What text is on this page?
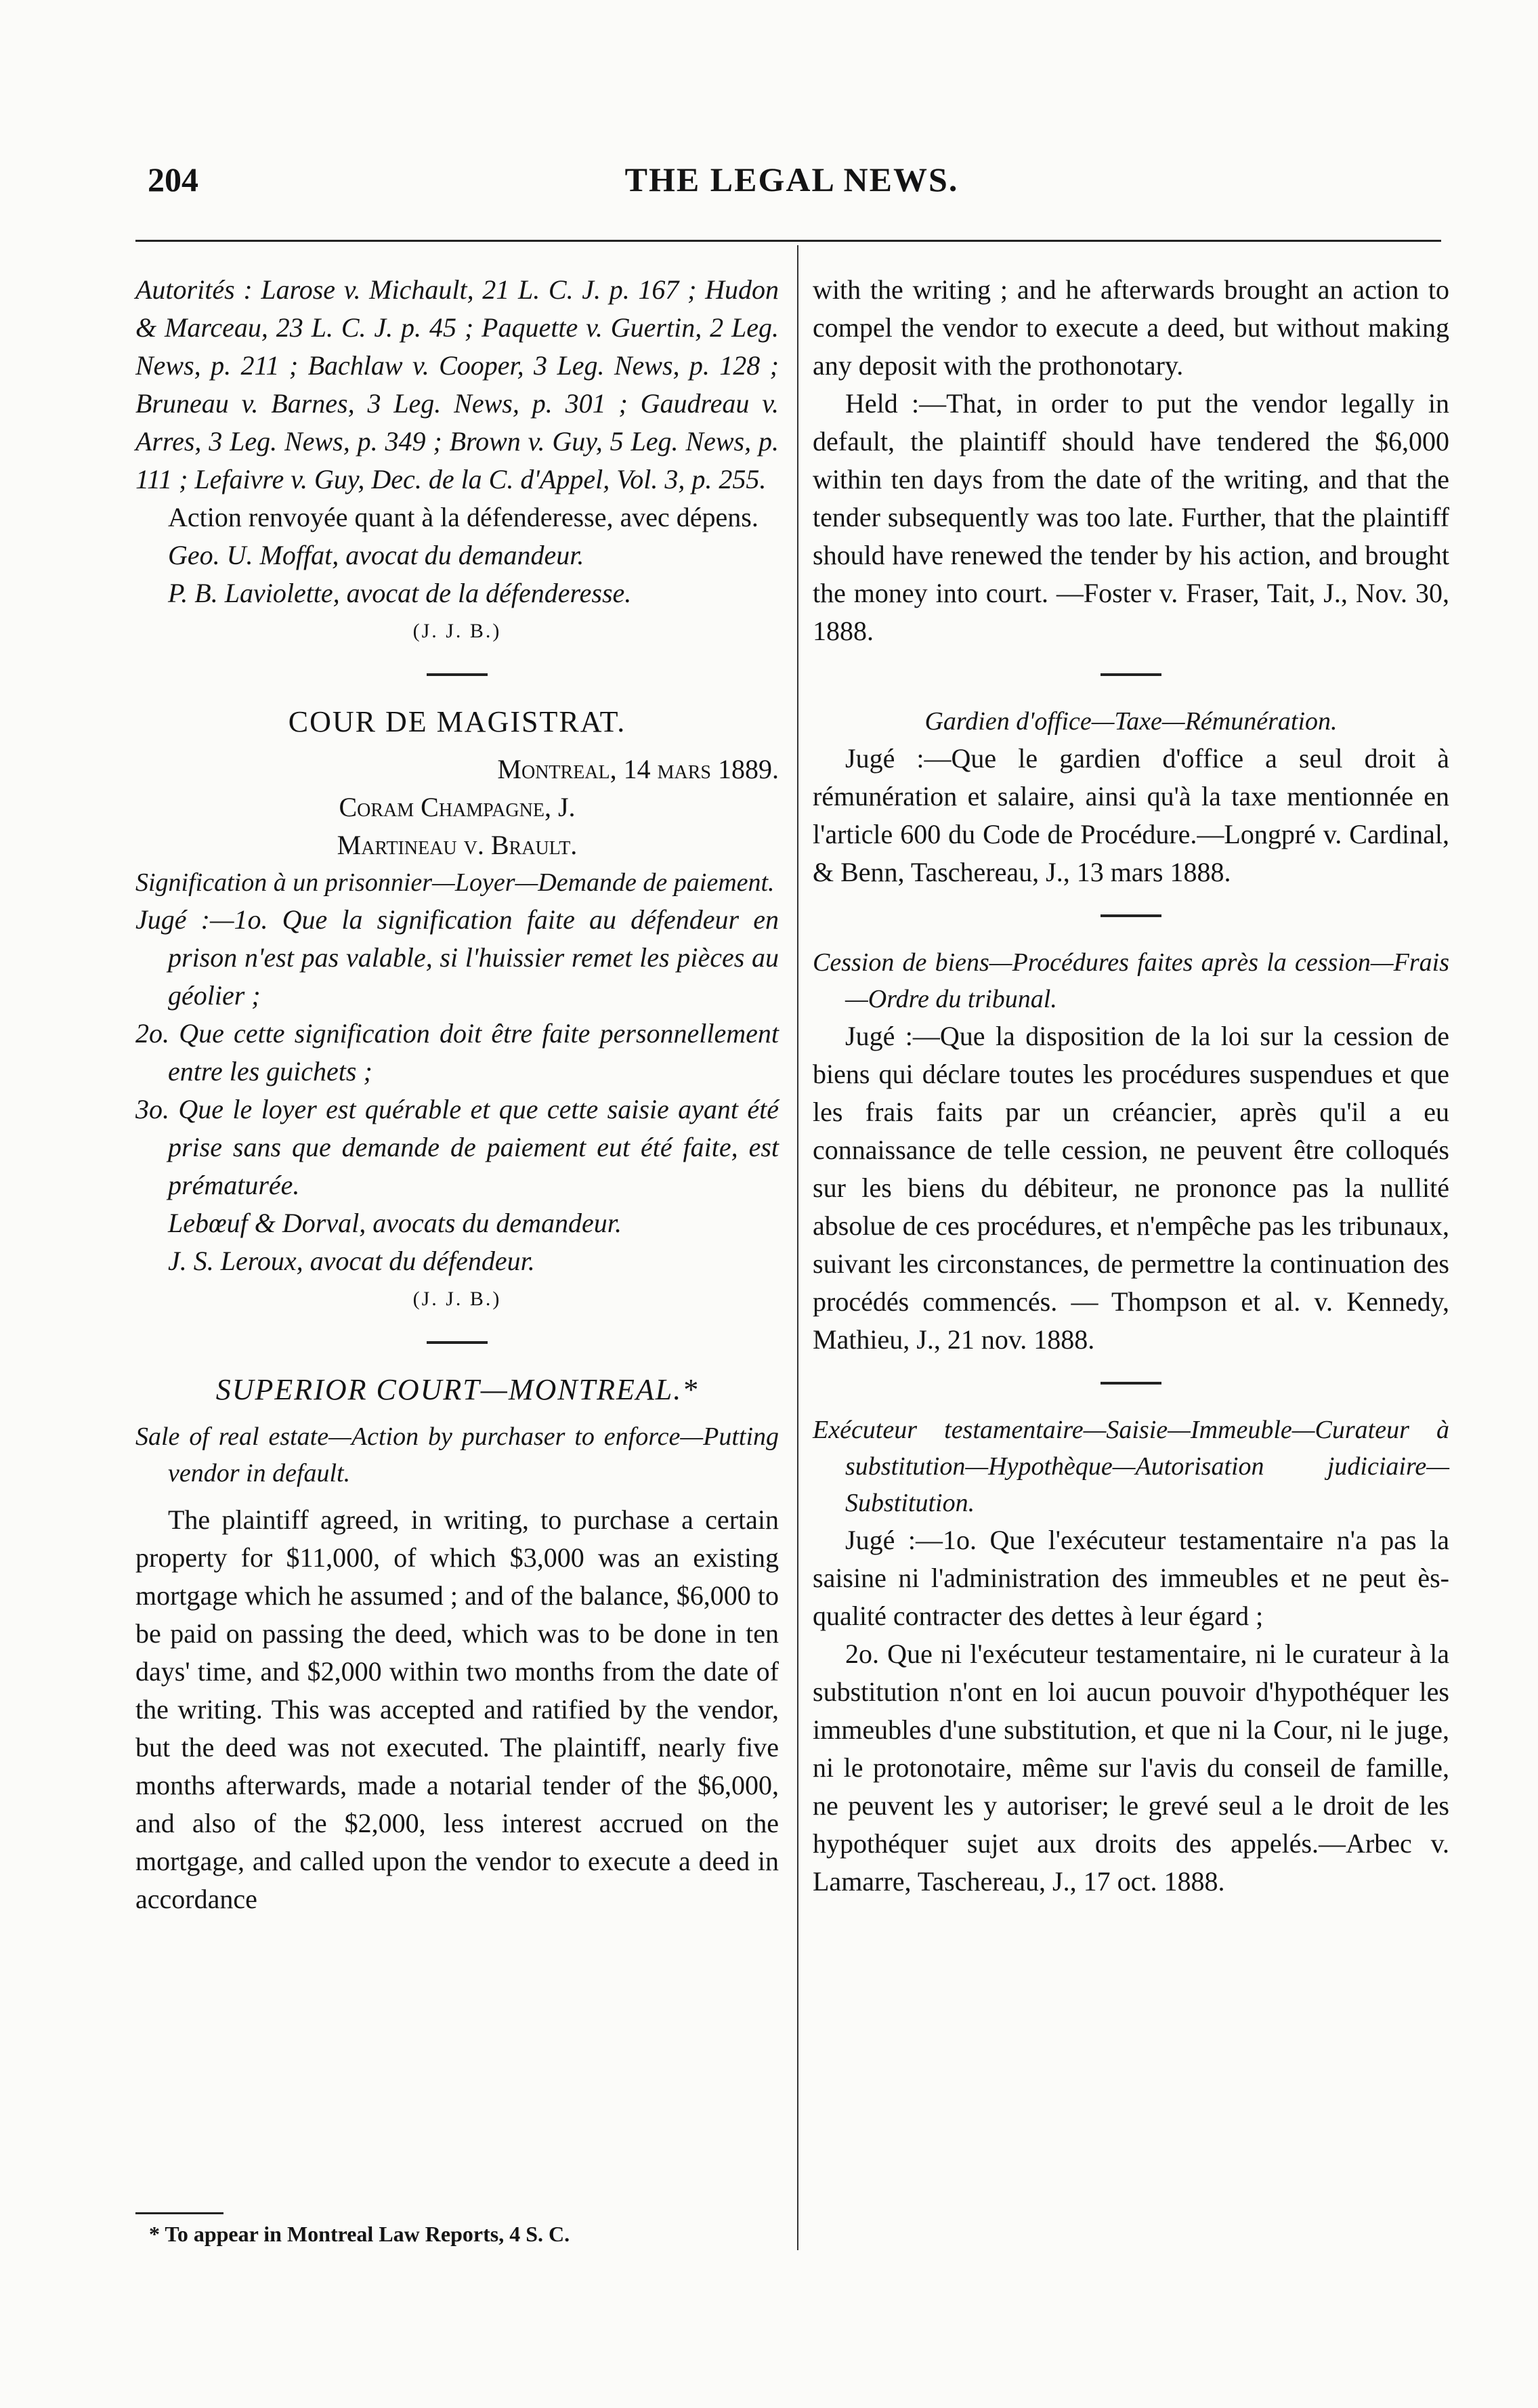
204	THE LEGAL NEWS.

Autorités : Larose v. Michault, 21 L. C. J. p. 167 ; Hudon & Marceau, 23 L. C. J. p. 45 ; Paquette v. Guertin, 2 Leg. News, p. 211 ; Bachlaw v. Cooper, 3 Leg. News, p. 128 ; Bruneau v. Barnes, 3 Leg. News, p. 301 ; Gaudreau v. Arres, 3 Leg. News, p. 349 ; Brown v. Guy, 5 Leg. News, p. 111 ; Lefaivre v. Guy, Dec. de la C. d'Appel, Vol. 3, p. 255.

Action renvoyée quant à la défenderesse, avec dépens.

Geo. U. Moffat, avocat du demandeur.

P. B. Laviolette, avocat de la défenderesse.

(J. J. B.)

COUR DE MAGISTRAT.

Montreal, 14 mars 1889.

Coram Champagne, J.

Martineau v. Brault.

Signification à un prisonnier—Loyer—Demande de paiement.

Jugé :—1o. Que la signification faite au défendeur en prison n'est pas valable, si l'huissier remet les pièces au géolier ;

2o. Que cette signification doit être faite personnellement entre les guichets ;

3o. Que le loyer est quérable et que cette saisie ayant été prise sans que demande de paiement eut été faite, est prématurée.

Lebœuf & Dorval, avocats du demandeur.

J. S. Leroux, avocat du défendeur.

(J. J. B.)

SUPERIOR COURT—MONTREAL.*

Sale of real estate—Action by purchaser to enforce—Putting vendor in default.

The plaintiff agreed, in writing, to purchase a certain property for $11,000, of which $3,000 was an existing mortgage which he assumed ; and of the balance, $6,000 to be paid on passing the deed, which was to be done in ten days' time, and $2,000 within two months from the date of the writing. This was accepted and ratified by the vendor, but the deed was not executed. The plaintiff, nearly five months afterwards, made a notarial tender of the $6,000, and also of the $2,000, less interest accrued on the mortgage, and called upon the vendor to execute a deed in accordance

with the writing ; and he afterwards brought an action to compel the vendor to execute a deed, but without making any deposit with the prothonotary.

Held :—That, in order to put the vendor legally in default, the plaintiff should have tendered the $6,000 within ten days from the date of the writing, and that the tender subsequently was too late. Further, that the plaintiff should have renewed the tender by his action, and brought the money into court. —Foster v. Fraser, Tait, J., Nov. 30, 1888.

Gardien d'office—Taxe—Rémunération.

Jugé :—Que le gardien d'office a seul droit à rémunération et salaire, ainsi qu'à la taxe mentionnée en l'article 600 du Code de Procédure.—Longpré v. Cardinal, & Benn, Taschereau, J., 13 mars 1888.

Cession de biens—Procédures faites après la cession—Frais—Ordre du tribunal.

Jugé :—Que la disposition de la loi sur la cession de biens qui déclare toutes les procédures suspendues et que les frais faits par un créancier, après qu'il a eu connaissance de telle cession, ne peuvent être colloqués sur les biens du débiteur, ne prononce pas la nullité absolue de ces procédures, et n'empêche pas les tribunaux, suivant les circonstances, de permettre la continuation des procédés commencés. — Thompson et al. v. Kennedy, Mathieu, J., 21 nov. 1888.

Exécuteur testamentaire—Saisie—Immeuble—Curateur à substitution—Hypothèque—Autorisation judiciaire—Substitution.

Jugé :—1o. Que l'exécuteur testamentaire n'a pas la saisine ni l'administration des immeubles et ne peut ès-qualité contracter des dettes à leur égard ;

2o. Que ni l'exécuteur testamentaire, ni le curateur à la substitution n'ont en loi aucun pouvoir d'hypothéquer les immeubles d'une substitution, et que ni la Cour, ni le juge, ni le protonotaire, même sur l'avis du conseil de famille, ne peuvent les y autoriser; le grevé seul a le droit de les hypothéquer sujet aux droits des appelés.—Arbec v. Lamarre, Taschereau, J., 17 oct. 1888.

* To appear in Montreal Law Reports, 4 S. C.
